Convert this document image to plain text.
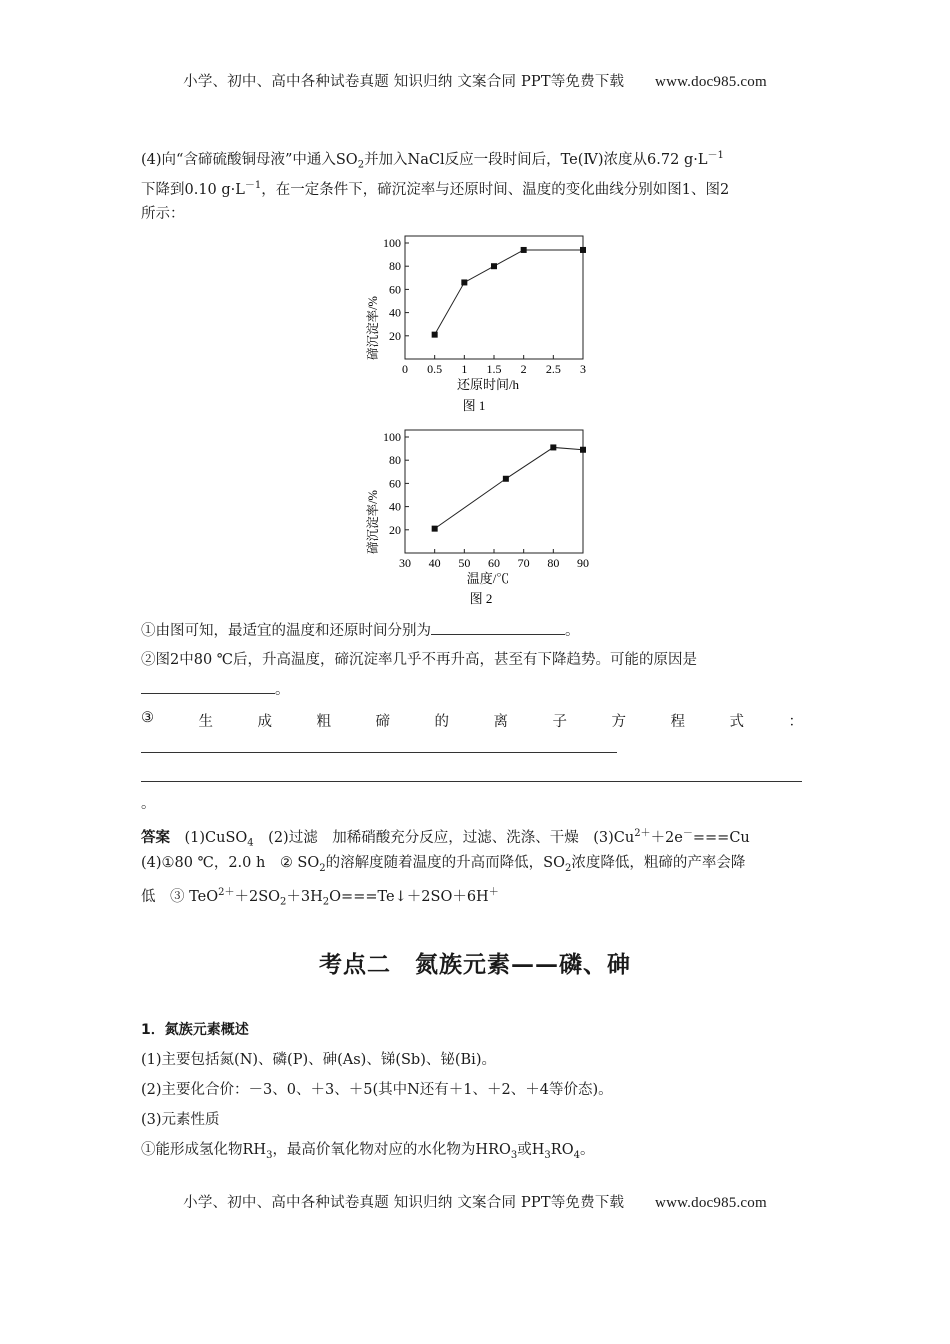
小学、初中、高中各种试卷真题 知识归纳 文案合同 PPT等免费下载 www.doc985.com
(4)向“含碲硫酸铜母液”中通入$SO_2$并加入NaCl反应一段时间后，Te(Ⅳ)浓度从6.72 $g\cdot L^{-1}$
下降到0.10 $g\cdot L^{-1}$，在一定条件下，碲沉淀率与还原时间、温度的变化曲线分别如图1、图2
所示：
20
40
60
80
100
0 0.5 1 1.5 2 2.5 3
碲沉淀率/%
还原时间/h
图 1
20
40
60
80
100
30 40 50 60 70 80 90
碲沉淀率/%
温度/℃
图 2
①由图可知，最适宜的温度和还原时间分别为	。
②图2中80 ℃后，升高温度，碲沉淀率几乎不再升高，甚至有下降趋势。可能的原因是
。
③	生	成	粗	碲	的	离	子	方	程	式	：
。
答案　 (1)CuSO$_4$　 (2)过滤　加稀硝酸充分反应，过滤、洗涤、干燥　$(3)Cu^{2+}+2e^-===Cu$
(4)①80 ℃，2.0 h　② $SO_2$的溶解度随着温度的升高而降低，$SO_2$浓度降低，粗碲的产率会降
低　③ $TeO^{2+}+2SO_2+3H_2O===Te↓+2SO+6H^+$
考点二　氮族元素——磷、砷
1．氮族元素概述
(1)主要包括氮(N)、磷(P)、砷(As)、锑(Sb)、铋(Bi)。
(2)主要化合价：－3、0、＋3、＋5(其中N还有＋1、＋2、＋4等价态)。
(3)元素性质
①能形成氢化物$RH_3$，最高价氧化物对应的水化物为$HRO_3$或$H_3RO_4$。
小学、初中、高中各种试卷真题 知识归纳 文案合同 PPT等免费下载 www.doc985.com
